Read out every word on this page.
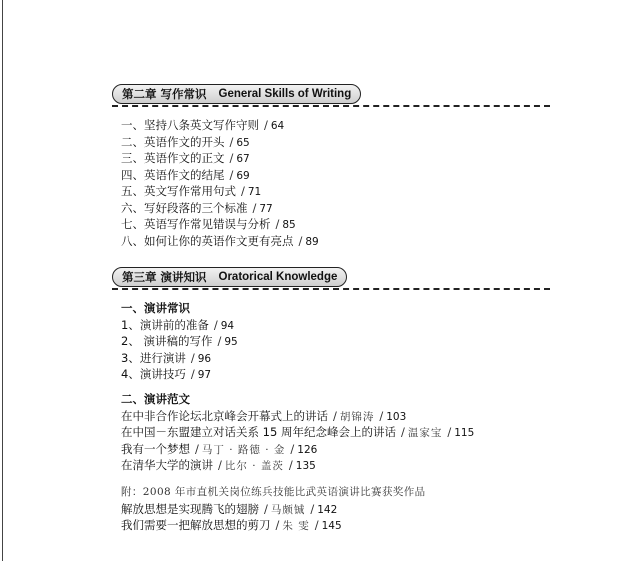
第二章 写作常识 General Skills of Writing
一、坚持八条英文写作守则 / 64
二、英语作文的开头 / 65
三、英语作文的正文 / 67
四、英语作文的结尾 / 69
五、英文写作常用句式 / 71
六、写好段落的三个标准 / 77
七、英语写作常见错误与分析 / 85
八、如何让你的英语作文更有亮点 / 89
第三章 演讲知识 Oratorical Knowledge
一、演讲常识
1、演讲前的准备 / 94
2、 演讲稿的写作 / 95
3、进行演讲 / 96
4、演讲技巧 / 97
二、演讲范文
在中非合作论坛北京峰会开幕式上的讲话 / 胡锦涛 / 103
在中国－东盟建立对话关系 15 周年纪念峰会上的讲话 / 温家宝 / 115
我有一个梦想 / 马丁 · 路德 · 金 / 126
在清华大学的演讲 / 比尔 · 盖茨 / 135
附：2008 年市直机关岗位练兵技能比武英语演讲比赛获奖作品
解放思想是实现腾飞的翅膀 / 马颇铖 / 142
我们需要一把解放思想的剪刀 / 朱 雯 / 145
